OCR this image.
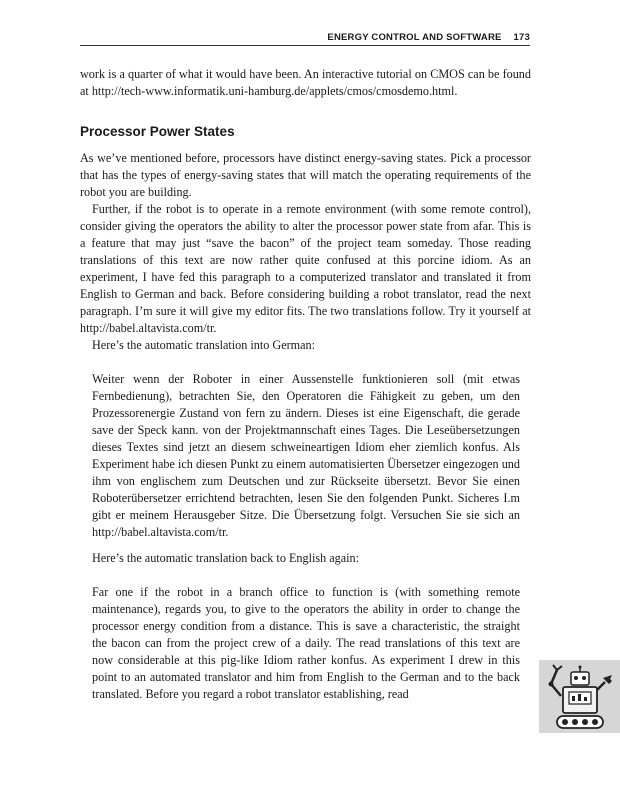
ENERGY CONTROL AND SOFTWARE 173

work is a quarter of what it would have been. An interactive tutorial on CMOS can be found at http://tech-www.informatik.uni-hamburg.de/applets/cmos/cmosdemo.html.

Processor Power States

As we’ve mentioned before, processors have distinct energy-saving states. Pick a processor that has the types of energy-saving states that will match the operating requirements of the robot you are building.

Further, if the robot is to operate in a remote environment (with some remote control), consider giving the operators the ability to alter the processor power state from afar. This is a feature that may just “save the bacon” of the project team someday. Those reading translations of this text are now rather quite confused at this porcine idiom. As an experiment, I have fed this paragraph to a computerized translator and translated it from English to German and back. Before considering building a robot translator, read the next paragraph. I’m sure it will give my editor fits. The two translations follow. Try it yourself at http://babel.altavista.com/tr.

Here’s the automatic translation into German:

Weiter wenn der Roboter in einer Aussenstelle funktionieren soll (mit etwas Fernbedienung), betrachten Sie, den Operatoren die Fähigkeit zu geben, um den Prozessorenergie Zustand von fern zu ändern. Dieses ist eine Eigenschaft, die gerade save der Speck kann. von der Projektmannschaft eines Tages. Die Leseübersetzungen dieses Textes sind jetzt an diesem schweineartigen Idiom eher ziemlich konfus. Als Experiment habe ich diesen Punkt zu einem automatisierten Übersetzer eingezogen und ihm von englischem zum Deutschen und zur Rückseite übersetzt. Bevor Sie einen Roboterübersetzer errichtend betrachten, lesen Sie den folgenden Punkt. Sicheres I.m gibt er meinem Herausgeber Sitze. Die Übersetzung folgt. Versuchen Sie sie sich an http://babel.altavista.com/tr.

Here’s the automatic translation back to English again:

Far one if the robot in a branch office to function is (with something remote maintenance), regards you, to give to the operators the ability in order to change the processor energy condition from a distance. This is save a characteristic, the straight the bacon can from the project crew of a daily. The read translations of this text are now considerable at this pig-like Idiom rather konfus. As experiment I drew in this point to an automated translator and him from English to the German and to the back translated. Before you regard a robot translator establishing, read
